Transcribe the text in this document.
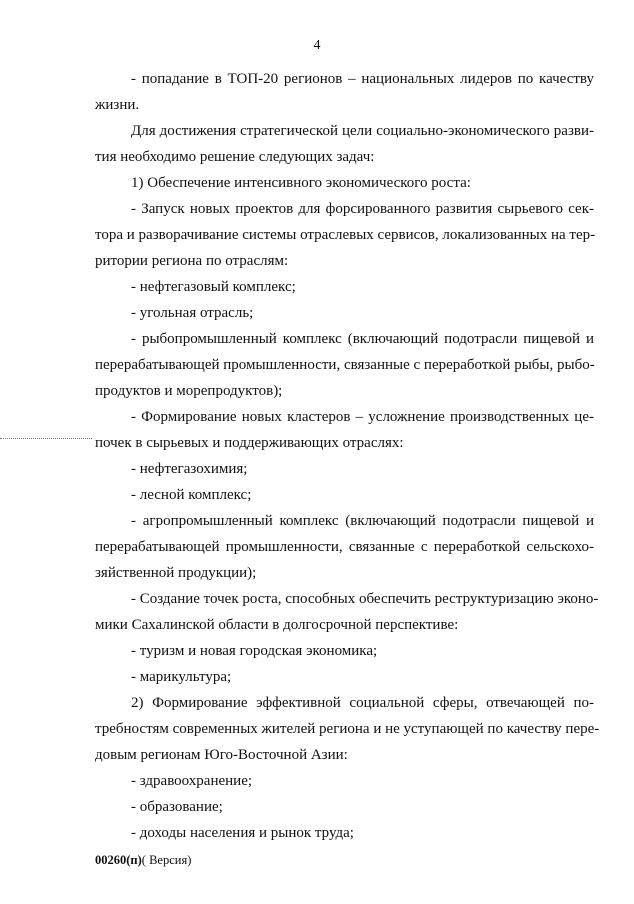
4
- попадание в ТОП-20 регионов – национальных лидеров по качеству
жизни.
Для достижения стратегической цели социально-экономического разви-
тия необходимо решение следующих задач:
1) Обеспечение интенсивного экономического роста:
- Запуск новых проектов для форсированного развития сырьевого сек-
тора и разворачивание системы отраслевых сервисов, локализованных на тер-
ритории региона по отраслям:
- нефтегазовый комплекс;
- угольная отрасль;
- рыбопромышленный комплекс (включающий подотрасли пищевой и
перерабатывающей промышленности, связанные с переработкой рыбы, рыбо-
продуктов и морепродуктов);
- Формирование новых кластеров – усложнение производственных це-
почек в сырьевых и поддерживающих отраслях:
- нефтегазохимия;
- лесной комплекс;
- агропромышленный комплекс (включающий подотрасли пищевой и
перерабатывающей промышленности, связанные с переработкой сельскохо-
зяйственной продукции);
- Создание точек роста, способных обеспечить реструктуризацию эконо-
мики Сахалинской области в долгосрочной перспективе:
- туризм и новая городская экономика;
- марикультура;
2) Формирование эффективной социальной сферы, отвечающей по-
требностям современных жителей региона и не уступающей по качеству пере-
довым регионам Юго-Восточной Азии:
- здравоохранение;
- образование;
- доходы населения и рынок труда;
00260(п)( Версия)
